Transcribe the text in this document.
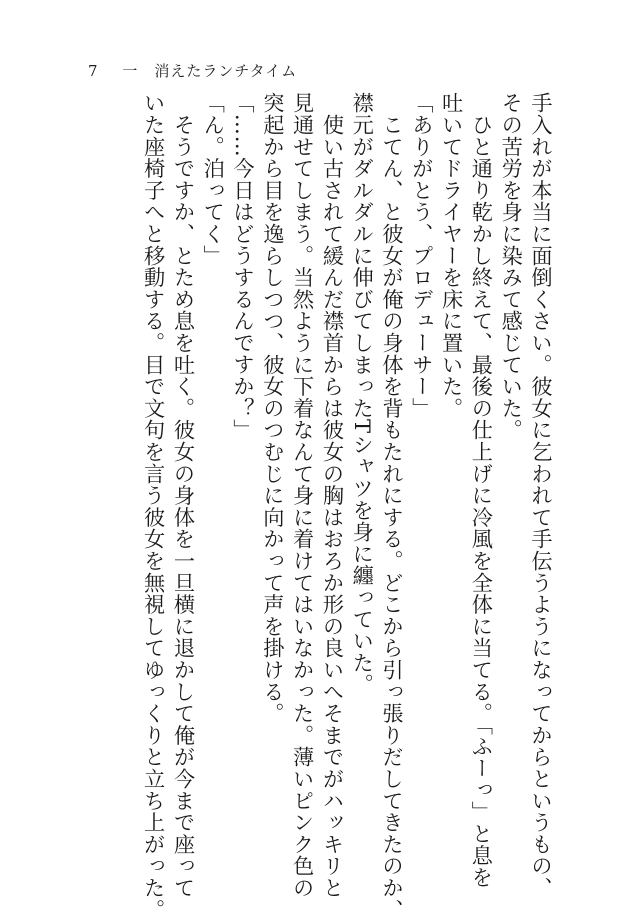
7 一　消えたランチタイム
手入れが本当に面倒くさい。彼女に乞われて手伝うようになってからというもの、
その苦労を身に染みて感じていた。
　ひと通り乾かし終えて、最後の仕上げに冷風を全体に当てる。「ふーっ」と息を
吐いてドライヤーを床に置いた。
「ありがとう、プロデューサー」
　こてん、と彼女が俺の身体を背もたれにする。どこから引っ張りだしてきたのか、
襟元がダルダルに伸びてしまったTシャツを身に纏っていた。
　使い古されて緩んだ襟首からは彼女の胸はおろか形の良いへそまでがハッキリと
見通せてしまう。当然ように下着なんて身に着けてはいなかった。薄いピンク色の
突起から目を逸らしつつ、彼女のつむじに向かって声を掛ける。
「……今日はどうするんですか？」
「ん。泊ってく」
　そうですか、とため息を吐く。彼女の身体を一旦横に退かして俺が今まで座って
いた座椅子へと移動する。目で文句を言う彼女を無視してゆっくりと立ち上がった。
